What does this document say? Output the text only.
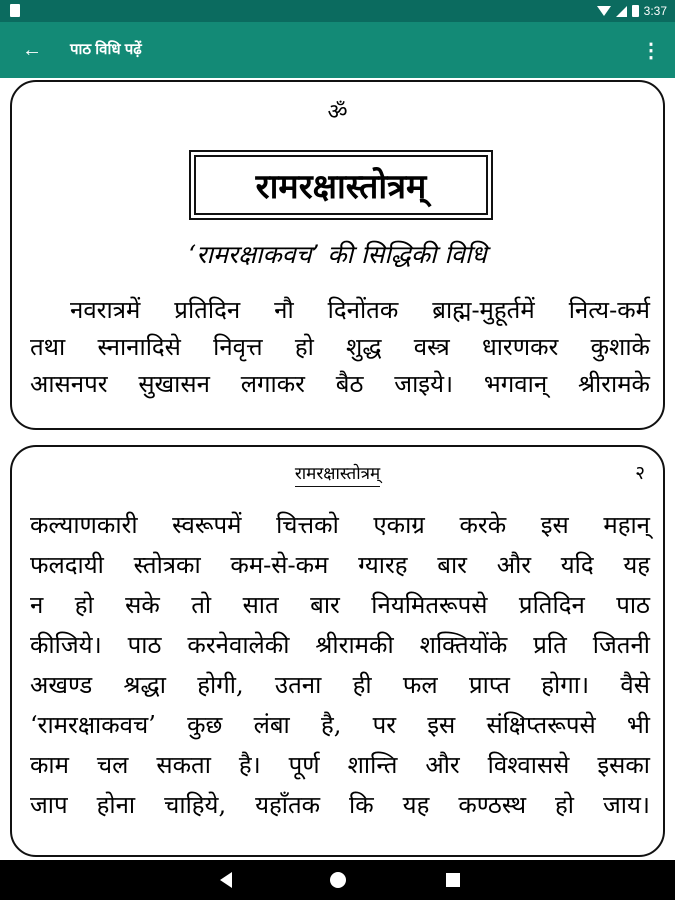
3:37
← पाठ विधि पढ़ें	⋮
ॐ
रामरक्षास्तोत्रम्
‘रामरक्षाकवच’ की सिद्धिकी विधि
नवरात्रमें प्रतिदिन नौ दिनोंतक ब्राह्म-मुहूर्तमें नित्य-कर्म
तथा स्नानादिसे निवृत्त हो शुद्ध वस्त्र धारणकर कुशाके
आसनपर सुखासन लगाकर बैठ जाइये। भगवान् श्रीरामके
रामरक्षास्तोत्रम्	२
कल्याणकारी स्वरूपमें चित्तको एकाग्र करके इस महान्
फलदायी स्तोत्रका कम-से-कम ग्यारह बार और यदि यह
न हो सके तो सात बार नियमितरूपसे प्रतिदिन पाठ
कीजिये। पाठ करनेवालेकी श्रीरामकी शक्तियोंके प्रति जितनी
अखण्ड श्रद्धा होगी, उतना ही फल प्राप्त होगा। वैसे
‘रामरक्षाकवच’ कुछ लंबा है, पर इस संक्षिप्तरूपसे भी
काम चल सकता है। पूर्ण शान्ति और विश्वाससे इसका
जाप होना चाहिये, यहाँतक कि यह कण्ठस्थ हो जाय।
